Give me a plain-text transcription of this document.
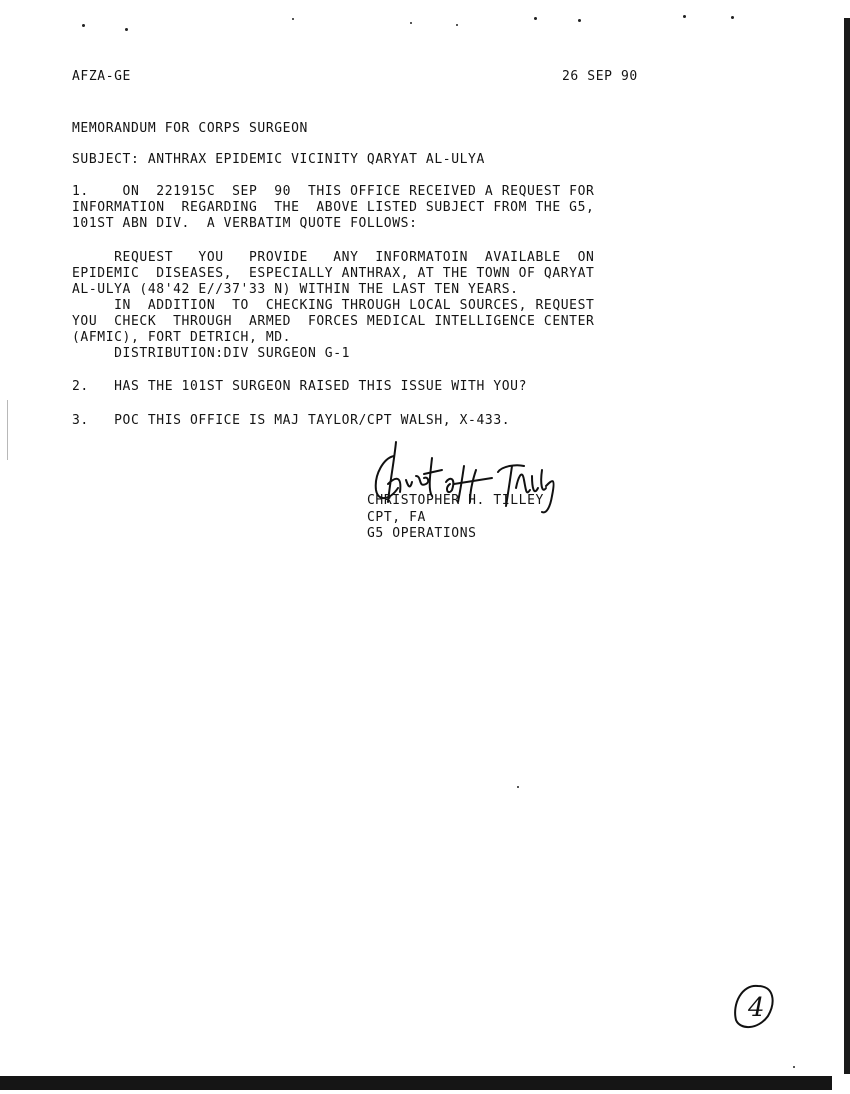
AFZA-GE	26 SEP 90
MEMORANDUM FOR CORPS SURGEON
SUBJECT: ANTHRAX EPIDEMIC VICINITY QARYAT AL-ULYA
1.    ON  221915C  SEP  90  THIS OFFICE RECEIVED A REQUEST FOR
INFORMATION  REGARDING  THE  ABOVE LISTED SUBJECT FROM THE G5,
101ST ABN DIV.  A VERBATIM QUOTE FOLLOWS:
REQUEST   YOU   PROVIDE   ANY  INFORMATOIN  AVAILABLE  ON
EPIDEMIC  DISEASES,  ESPECIALLY ANTHRAX, AT THE TOWN OF QARYAT
AL-ULYA (48'42 E//37'33 N) WITHIN THE LAST TEN YEARS.
IN  ADDITION  TO  CHECKING THROUGH LOCAL SOURCES, REQUEST
YOU  CHECK  THROUGH  ARMED  FORCES MEDICAL INTELLIGENCE CENTER
(AFMIC), FORT DETRICH, MD.
DISTRIBUTION:DIV SURGEON G-1
2.   HAS THE 101ST SURGEON RAISED THIS ISSUE WITH YOU?
3.   POC THIS OFFICE IS MAJ TAYLOR/CPT WALSH, X-433.
CHRISTOPHER H. TILLEY
CPT, FA
G5 OPERATIONS
4
